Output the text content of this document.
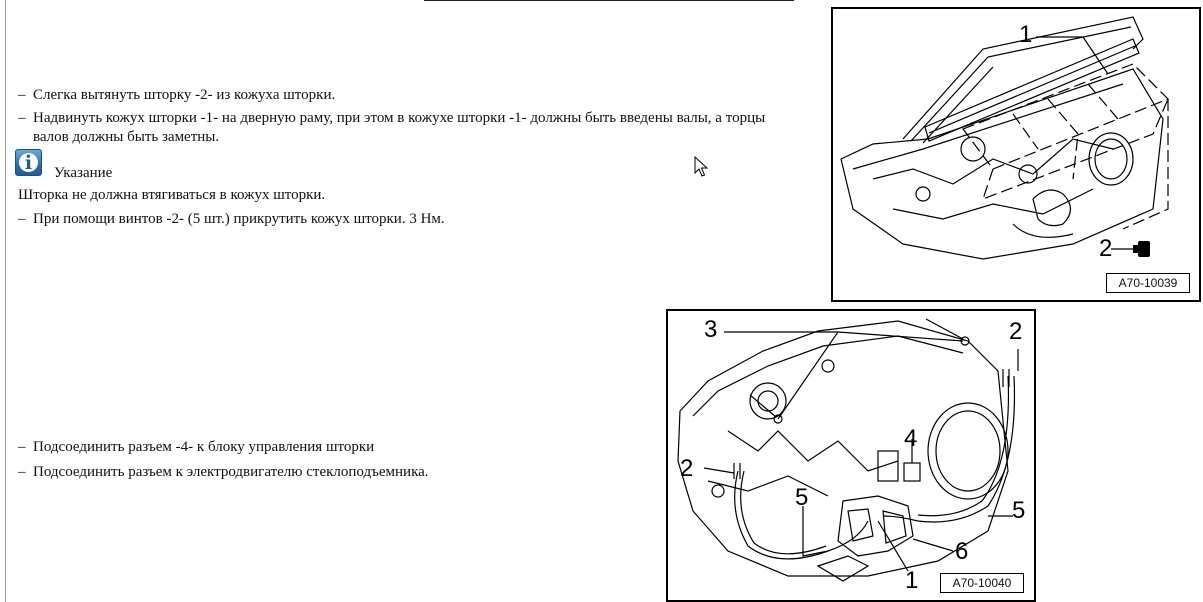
– Слегка вытянуть шторку -2- из кожуха шторки.
– Надвинуть кожух шторки -1- на дверную раму, при этом в кожухе шторки -1- должны быть введены валы, а торцы
валов должны быть заметны.
i	Указание
Шторка не должна втягиваться в кожух шторки.
– При помощи винтов -2- (5 шт.) прикрутить кожух шторки. 3 Нм.
– Подсоединить разъем -4- к блоку управления шторки
– Подсоединить разъем к электродвигателю стеклоподъемника.
1
2
A70-10039
3	2
2
4
5	5
6
1	A70-10040
